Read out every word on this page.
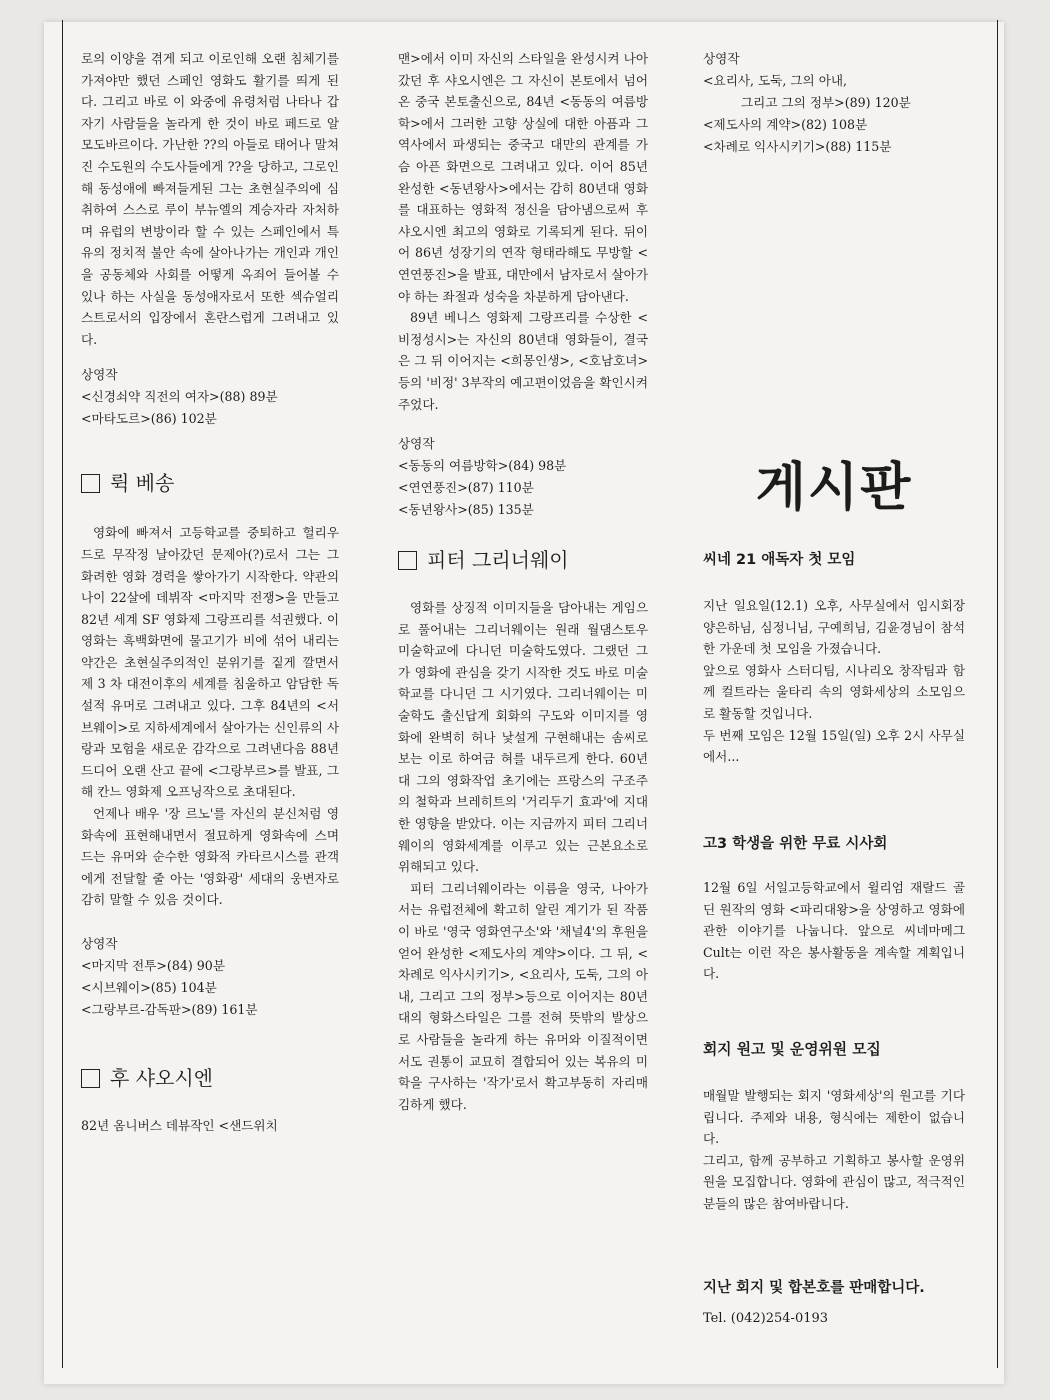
로의 이양을 겪게 되고 이로인해 오랜 침체기를 가져야만 했던 스페인 영화도 활기를 띄게 된다. 그리고 바로 이 와중에 유령처럼 나타나 갑자기 사람들을 놀라게 한 것이 바로 페드로 알모도바르이다. 가난한 ??의 아들로 태어나 말쳐진 수도원의 수도사들에게 ??을 당하고, 그로인해 동성애에 빠져들게된 그는 초현실주의에 심취하여 스스로 루이 부뉴엘의 계승자라 자처하며 유럽의 변방이라 할 수 있는 스페인에서 특유의 정치적 불안 속에 살아나가는 개인과 개인을 공동체와 사회를 어떻게 옥죄어 들어볼 수 있나 하는 사실을 동성애자로서 또한 섹슈얼리스트로서의 입장에서 혼란스럽게 그려내고 있다.

상영작
<신경쇠약 직전의 여자>(88) 89분
<마타도르>(86) 102분
뤽 베송

영화에 빠져서 고등학교를 중퇴하고 헐리우드로 무작정 날아갔던 문제아(?)로서 그는 그 화려한 영화 경력을 쌓아가기 시작한다. 약관의 나이 22살에 데뷔작 <마지막 전쟁>을 만들고 82년 세계 SF 영화제 그랑프리를 석권했다. 이 영화는 흑백화면에 물고기가 비에 섞어 내리는 약간은 초현실주의적인 분위기를 짙게 깔면서 제 3 차 대전이후의 세계를 침울하고 암담한 독설적 유머로 그려내고 있다. 그후 84년의 <서브웨이>로 지하세계에서 살아가는 신인류의 사랑과 모험을 새로운 감각으로 그려낸다음 88년 드디어 오랜 산고 끝에 <그랑부르>를 발표, 그해 칸느 영화제 오프닝작으로 초대된다.

언제나 배우 '장 르노'를 자신의 분신처럼 영화속에 표현해내면서 절묘하게 영화속에 스며드는 유머와 순수한 영화적 카타르시스를 관객에게 전달할 줄 아는 '영화광' 세대의 웅변자로 감히 말할 수 있음 것이다.

상영작
<마지막 전투>(84) 90분
<시브웨이>(85) 104분
<그랑부르-감독판>(89) 161분
후 샤오시엔

82년 옴니버스 데뷰작인 <샌드위치

맨>에서 이미 자신의 스타일을 완성시켜 나아갔던 후 샤오시엔은 그 자신이 본토에서 넘어온 중국 본토출신으로, 84년 <동동의 여름방학>에서 그러한 고향 상실에 대한 아픔과 그 역사에서 파생되는 중국고 대만의 관계를 가슴 아픈 화면으로 그려내고 있다. 이어 85년 완성한 <동년왕사>에서는 감히 80년대 영화를 대표하는 영화적 정신을 담아냄으로써 후 샤오시엔 최고의 영화로 기록되게 된다. 뒤이어 86년 성장기의 연작 형태라해도 무방할 <연연풍진>을 발표, 대만에서 남자로서 살아가야 하는 좌절과 성숙을 차분하게 담아낸다.

89년 베니스 영화제 그랑프리를 수상한 <비정성시>는 자신의 80년대 영화들이, 결국은 그 뒤 이어지는 <희몽인생>, <호남호녀> 등의 '비정' 3부작의 예고편이었음을 확인시켜주었다.

상영작
<동동의 여름방학>(84) 98분
<연연풍진>(87) 110분
<동년왕사>(85) 135분
피터 그리너웨이

영화를 상징적 이미지들을 담아내는 게임으로 풀어내는 그리너웨이는 원래 월댐스토우 미술학교에 다니던 미술학도였다. 그랬던 그가 영화에 관심을 갖기 시작한 것도 바로 미술학교를 다니던 그 시기였다. 그리너웨이는 미술학도 출신답게 회화의 구도와 이미지를 영화에 완벽히 허나 낯설게 구현해내는 솜씨로 보는 이로 하여금 혀를 내두르게 한다. 60년대 그의 영화작업 초기에는 프랑스의 구조주의 철학과 브레히트의 '거리두기 효과'에 지대한 영향을 받았다. 이는 지금까지 피터 그리너웨이의 영화세계를 이루고 있는 근본요소로 위해되고 있다.

피터 그리너웨이라는 이름을 영국, 나아가서는 유럽전체에 확고히 알린 계기가 된 작품이 바로 '영국 영화연구소'와 '채널4'의 후원을 얻어 완성한 <제도사의 계약>이다. 그 뒤, <차례로 익사시키기>, <요리사, 도둑, 그의 아내, 그리고 그의 정부>등으로 이어지는 80년대의 형화스타일은 그를 전혀 뜻밖의 발상으로 사람들을 놀라게 하는 유머와 이질적이면서도 권통이 교묘히 결합되어 있는 복유의 미학을 구사하는 '작가'로서 확고부동히 자리매김하게 했다.

상영작
<요리사, 도둑, 그의 아내,
그리고 그의 정부>(89) 120분
<제도사의 계약>(82) 108분
<차례로 익사시키기>(88) 115분
게시판
씨네 21 애독자 첫 모임

지난 일요일(12.1) 오후, 사무실에서 임시회장 양은하님, 심정니님, 구예희님, 김윤경님이 참석한 가운데 첫 모임을 가졌습니다.

앞으로 영화사 스터디팀, 시나리오 창작팀과 함께 컬트라는 울타리 속의 영화세상의 소모임으로 활동할 것입니다.

두 번째 모임은 12월 15일(일) 오후 2시 사무실에서...

고3 학생을 위한 무료 시사회

12월 6일 서일고등학교에서 윌리엄 재랄드 골딘 원작의 영화 <파리대왕>을 상영하고 영화에 관한 이야기를 나눕니다. 앞으로 씨네마메그 Cult는 이런 작은 봉사활동을 계속할 계획입니다.

회지 원고 및 운영위원 모집

매월말 발행되는 회지 '영화세상'의 원고를 기다립니다. 주제와 내용, 형식에는 제한이 없습니다.

그리고, 함께 공부하고 기획하고 봉사할 운영위원을 모집합니다. 영화에 관심이 많고, 적극적인 분들의 많은 참여바랍니다.

지난 회지 및 합본호를 판매합니다.
Tel. (042)254-0193
